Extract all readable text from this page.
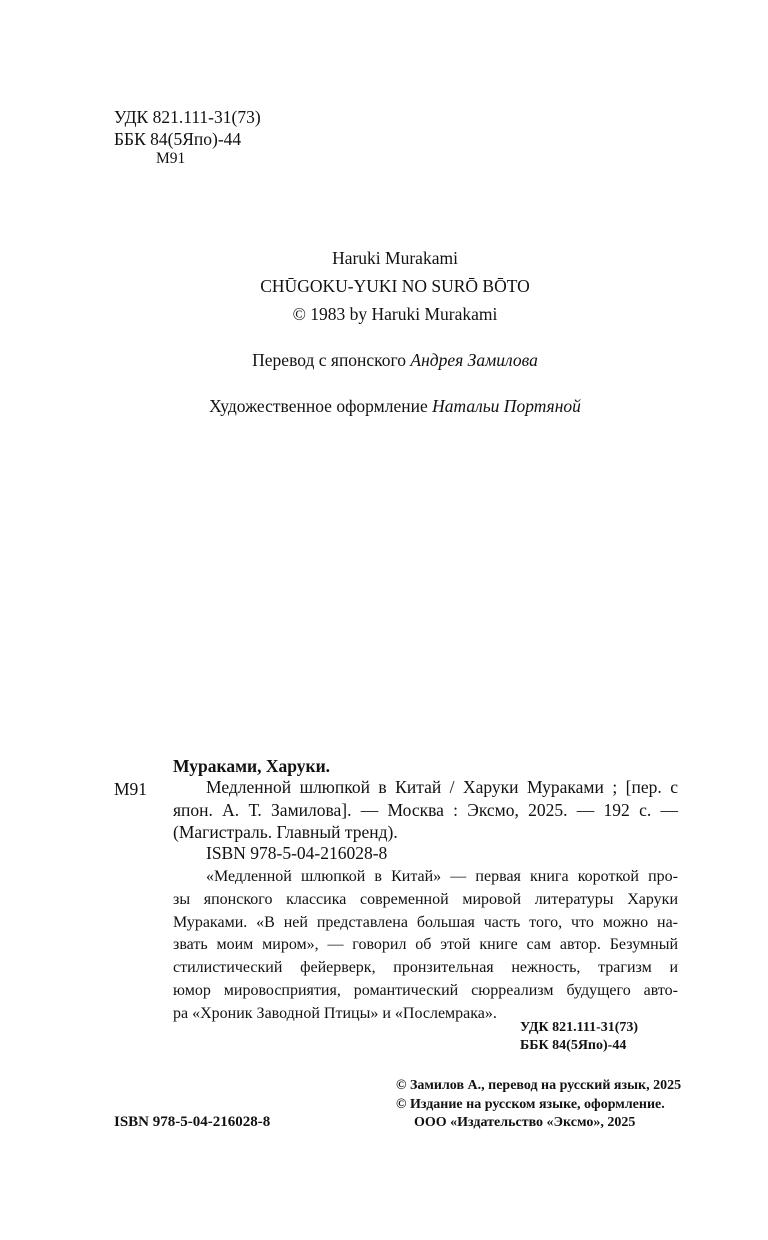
УДК 821.111-31(73)
ББК 84(5Япо)-44
М91
Haruki Murakami
CHŪGOKU-YUKI NO SURŌ BŌTO
© 1983 by Haruki Murakami
Перевод с японского Андрея Замилова
Художественное оформление Натальи Портяной
Мураками, Харуки.
М91	Медленной шлюпкой в Китай / Харуки Мураками ; [пер. с япон. А. Т. Замилова]. — Москва : Эксмо, 2025. — 192 с. — (Магистраль. Главный тренд).
ISBN 978-5-04-216028-8
«Медленной шлюпкой в Китай» — первая книга короткой про-
зы японского классика современной мировой литературы Харуки
Мураками. «В ней представлена большая часть того, что можно на-
звать моим миром», — говорил об этой книге сам автор. Безумный
стилистический фейерверк, пронзительная нежность, трагизм и
юмор мировосприятия, романтический сюрреализм будущего авто-
ра «Хроник Заводной Птицы» и «Послемрака».
УДК 821.111-31(73)
ББК 84(5Япо)-44
© Замилов А., перевод на русский язык, 2025
© Издание на русском языке, оформление.
ООО «Издательство «Эксмо», 2025
ISBN 978-5-04-216028-8
